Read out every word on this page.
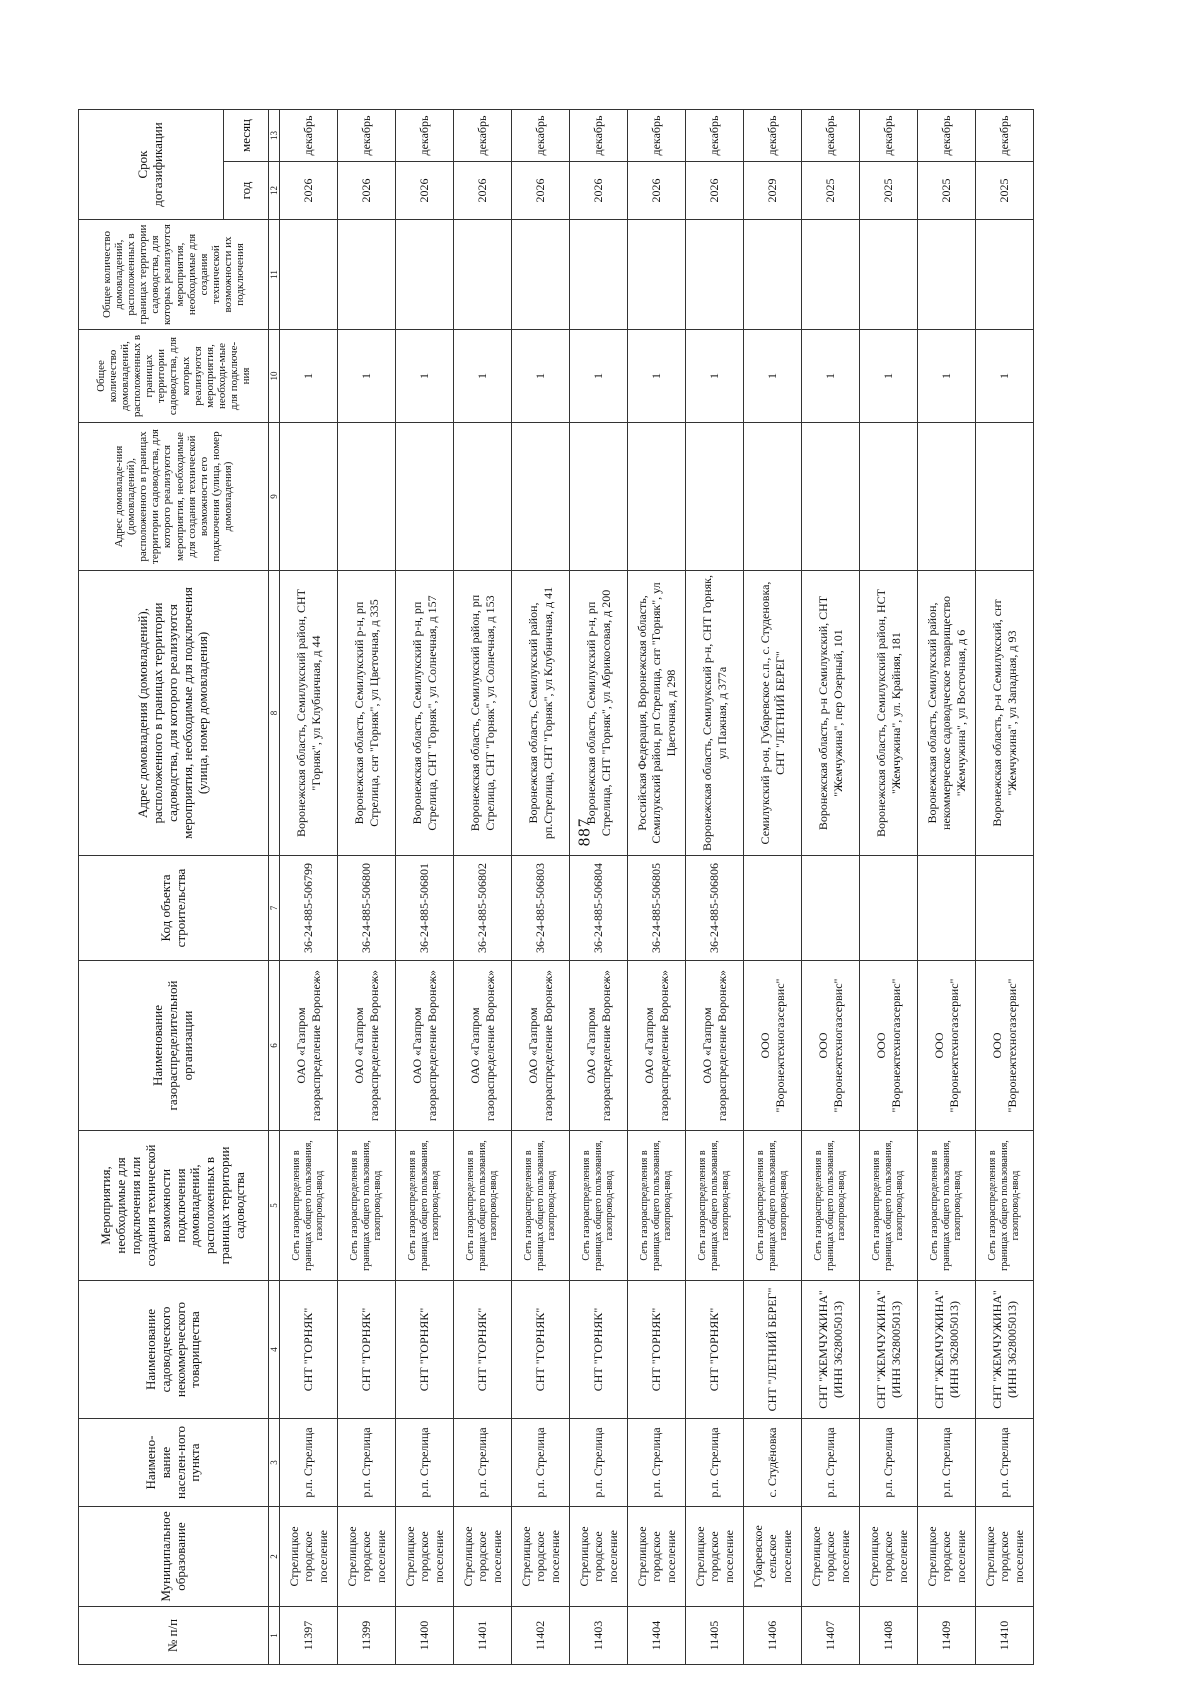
887
№ п/п	Муниципальное образование	Наимено-вание населен-ного пункта	Наименование садоводческого некоммерческого товарищества	Мероприятия, необходимые для подключения или создания технической возможности подключения домовладений, расположенных в границах территории садоводства	Наименование газораспределительной организации	Код объекта строительства	Адрес домовладения (домовладений), расположенного в границах территории садоводства, для которого реализуются мероприятия, необходимые для подключения (улица, номер домовладения)	Адрес домовладе-ния (домовладений), расположенного в границах территории садоводства, для которого реализуются мероприятия, необходимые для создания технической возможности его подключения (улица, номер домовладения)	Общее количество домовладений, расположенных в границах территории садоводства, для которых реализуются мероприятия, необходи-мые для подключе-ния	Общее количество домовладений, расположенных в границах территории садоводства, для которых реализуются мероприятия, необходимые для создания технической возможности их подключения	Срок догазификации	
											год	месяц
1	2	3	4	5	6	7	8	9	10	11	12	13
11397	Стрелицкое городское поселение	р.п. Стрелица	СНТ "ГОРНЯК"	Сеть газораспределения в границах общего пользования, газопровод-ввод	ОАО «Газпром газораспределение Воронеж»	36-24-885-506799	Воронежская область, Семилукский район, СНТ "Горняк", ул Клубничная, д 44		1		2026	декабрь
11399	Стрелицкое городское поселение	р.п. Стрелица	СНТ "ГОРНЯК"	Сеть газораспределения в границах общего пользования, газопровод-ввод	ОАО «Газпром газораспределение Воронеж»	36-24-885-506800	Воронежская область, Семилукский р-н, рп Стрелица, снт "Горняк", ул Цветочная, д 335		1		2026	декабрь
11400	Стрелицкое городское поселение	р.п. Стрелица	СНТ "ГОРНЯК"	Сеть газораспределения в границах общего пользования, газопровод-ввод	ОАО «Газпром газораспределение Воронеж»	36-24-885-506801	Воронежская область, Семилукский р-н, рп Стрелица, СНТ "Горняк", ул Солнечная, д 157		1		2026	декабрь
11401	Стрелицкое городское поселение	р.п. Стрелица	СНТ "ГОРНЯК"	Сеть газораспределения в границах общего пользования, газопровод-ввод	ОАО «Газпром газораспределение Воронеж»	36-24-885-506802	Воронежская область, Семилукский район, рп Стрелица, СНТ "Горняк", ул Солнечная, д 153		1		2026	декабрь
11402	Стрелицкое городское поселение	р.п. Стрелица	СНТ "ГОРНЯК"	Сеть газораспределения в границах общего пользования, газопровод-ввод	ОАО «Газпром газораспределение Воронеж»	36-24-885-506803	Воронежская область, Семилукский район, рп.Стрелица, СНТ "Горняк", ул Клубничная, д 41		1		2026	декабрь
11403	Стрелицкое городское поселение	р.п. Стрелица	СНТ "ГОРНЯК"	Сеть газораспределения в границах общего пользования, газопровод-ввод	ОАО «Газпром газораспределение Воронеж»	36-24-885-506804	Воронежская область, Семилукский р-н, рп Стрелица, СНТ "Горняк", ул Абрикосовая, д 200		1		2026	декабрь
11404	Стрелицкое городское поселение	р.п. Стрелица	СНТ "ГОРНЯК"	Сеть газораспределения в границах общего пользования, газопровод-ввод	ОАО «Газпром газораспределение Воронеж»	36-24-885-506805	Российская Федерация, Воронежская область, Семилукский район, рп Стрелица, снт "Горняк", ул Цветочная, д 298		1		2026	декабрь
11405	Стрелицкое городское поселение	р.п. Стрелица	СНТ "ГОРНЯК"	Сеть газораспределения в границах общего пользования, газопровод-ввод	ОАО «Газпром газораспределение Воронеж»	36-24-885-506806	Воронежская область, Семилукский р-н, СНТ Горняк, ул Пажная, д 377а		1		2026	декабрь
11406	Губаревское сельское поселение	с. Студёновка	СНТ "ЛЕТНИЙ БЕРЕГ"	Сеть газораспределения в границах общего пользования, газопровод-ввод	ООО "Воронежтехногазсервис"		Семилукский р-он, Губаревское с.п., с. Студеновка, СНТ "ЛЕТНИЙ БЕРЕГ"		1		2029	декабрь
11407	Стрелицкое городское поселение	р.п. Стрелица	СНТ "ЖЕМЧУЖИНА" (ИНН 3628005013)	Сеть газораспределения в границах общего пользования, газопровод-ввод	ООО "Воронежтехногазсервис"		Воронежская область, р-н Семилукский, СНТ "Жемчужина", пер Озерный, 101		1		2025	декабрь
11408	Стрелицкое городское поселение	р.п. Стрелица	СНТ "ЖЕМЧУЖИНА" (ИНН 3628005013)	Сеть газораспределения в границах общего пользования, газопровод-ввод	ООО "Воронежтехногазсервис"		Воронежская область, Семилукский район, НСТ "Жемчужина", ул. Крайняя, 181		1		2025	декабрь
11409	Стрелицкое городское поселение	р.п. Стрелица	СНТ "ЖЕМЧУЖИНА" (ИНН 3628005013)	Сеть газораспределения в границах общего пользования, газопровод-ввод	ООО "Воронежтехногазсервис"		Воронежская область, Семилукский район, некоммерческое садоводческое товарищество "Жемчужина", ул Восточная, д 6		1		2025	декабрь
11410	Стрелицкое городское поселение	р.п. Стрелица	СНТ "ЖЕМЧУЖИНА" (ИНН 3628005013)	Сеть газораспределения в границах общего пользования, газопровод-ввод	ООО "Воронежтехногазсервис"		Воронежская область, р-н Семилукский, снт "Жемчужина", ул Западная, д 93		1		2025	декабрь
